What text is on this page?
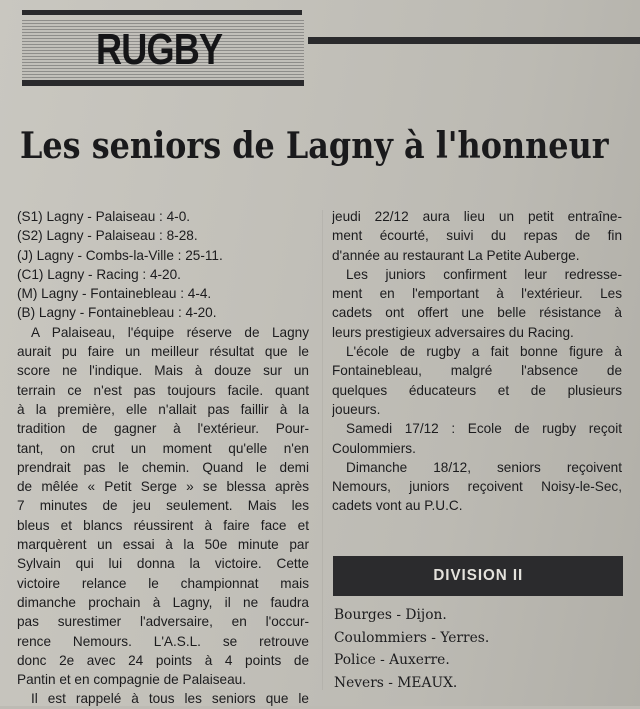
RUGBY
Les seniors de Lagny à l'honneur
(S1) Lagny - Palaiseau : 4-0.
(S2) Lagny - Palaiseau : 8-28.
(J) Lagny - Combs-la-Ville : 25-11.
(C1) Lagny - Racing : 4-20.
(M) Lagny - Fontainebleau : 4-4.
(B) Lagny - Fontainebleau : 4-20.
A Palaiseau, l'équipe réserve de Lagny
aurait pu faire un meilleur résultat que le
score ne l'indique. Mais à douze sur un
terrain ce n'est pas toujours facile. quant
à la première, elle n'allait pas faillir à la
tradition de gagner à l'extérieur. Pour-
tant, on crut un moment qu'elle n'en
prendrait pas le chemin. Quand le demi
de mêlée « Petit Serge » se blessa après
7 minutes de jeu seulement. Mais les
bleus et blancs réussirent à faire face et
marquèrent un essai à la 50e minute par
Sylvain qui lui donna la victoire. Cette
victoire relance le championnat mais
dimanche prochain à Lagny, il ne faudra
pas surestimer l'adversaire, en l'occur-
rence Nemours. L'A.S.L. se retrouve
donc 2e avec 24 points à 4 points de
Pantin et en compagnie de Palaiseau.
Il est rappelé à tous les seniors que le
jeudi 22/12 aura lieu un petit entraîne-
ment écourté, suivi du repas de fin
d'année au restaurant La Petite Auberge.
Les juniors confirment leur redresse-
ment en l'emportant à l'extérieur. Les
cadets ont offert une belle résistance à
leurs prestigieux adversaires du Racing.
L'école de rugby a fait bonne figure à
Fontainebleau, malgré l'absence de
quelques éducateurs et de plusieurs
joueurs.
Samedi 17/12 : Ecole de rugby reçoit
Coulommiers.
Dimanche 18/12, seniors reçoivent
Nemours, juniors reçoivent Noisy-le-Sec,
cadets vont au P.U.C.
DIVISION II
Bourges - Dijon.
Coulommiers - Yerres.
Police - Auxerre.
Nevers - MEAUX.
